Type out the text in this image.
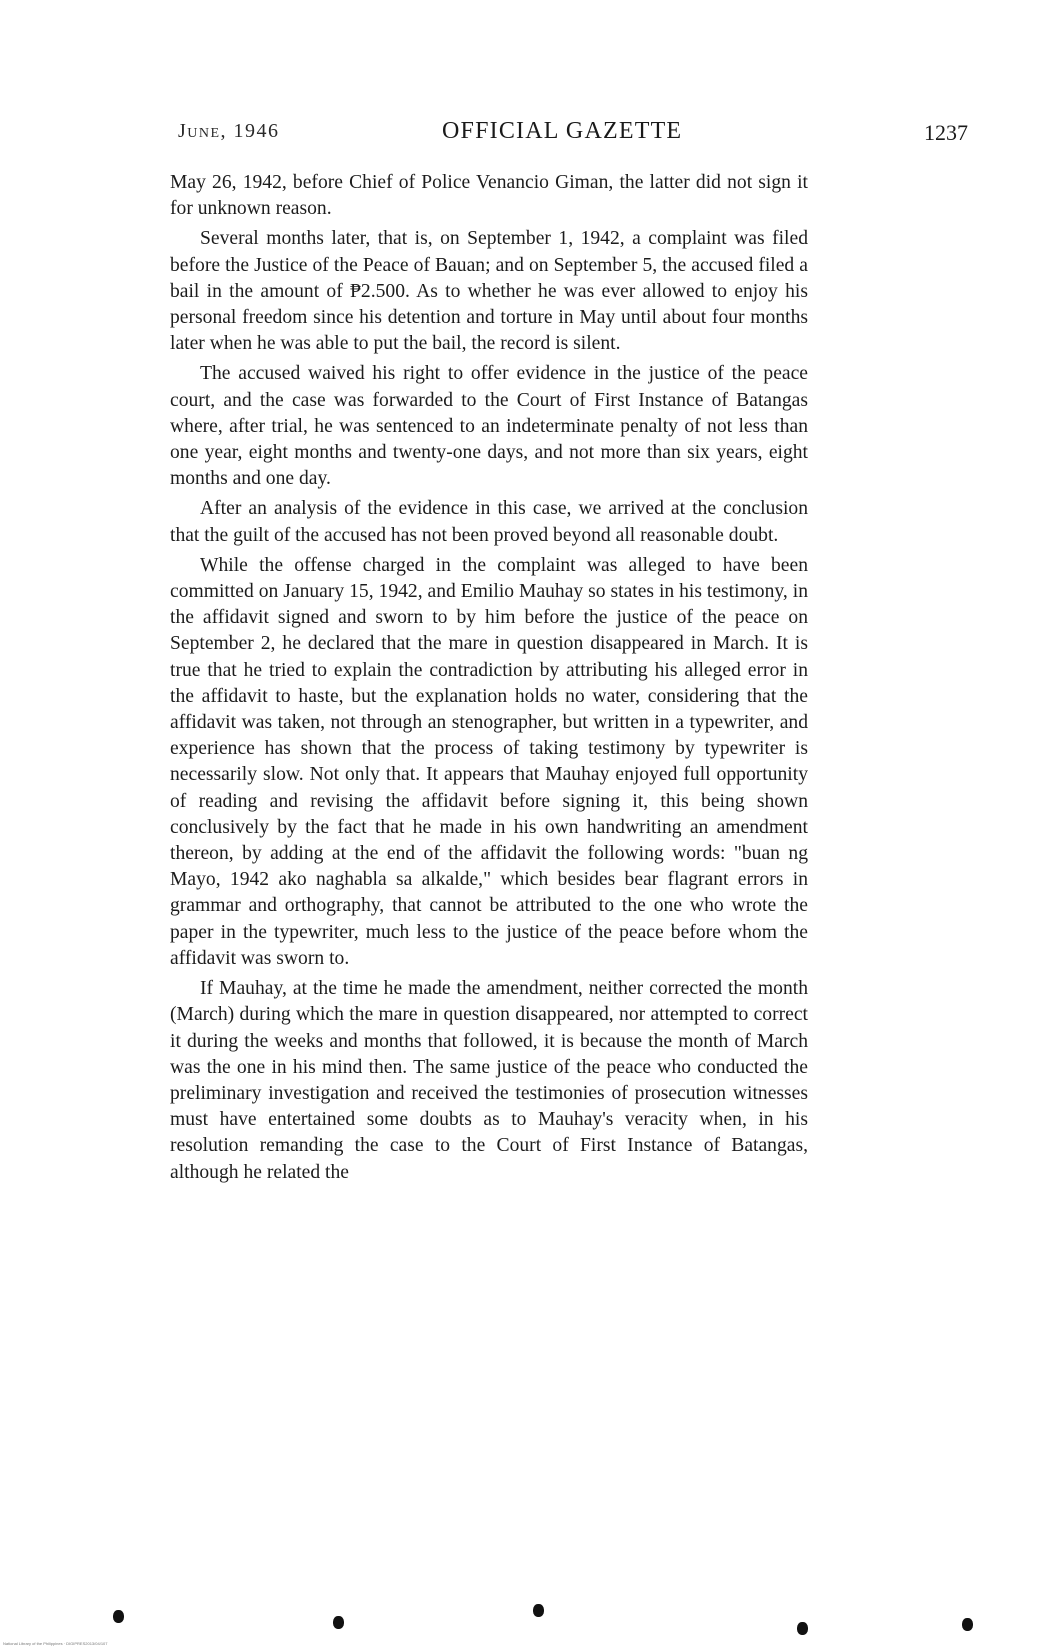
June, 1946	OFFICIAL GAZETTE	1237

May 26, 1942, before Chief of Police Venancio Giman, the latter did not sign it for unknown reason.

Several months later, that is, on September 1, 1942, a complaint was filed before the Justice of the Peace of Bauan; and on September 5, the accused filed a bail in the amount of ₱2.500. As to whether he was ever allowed to enjoy his personal freedom since his detention and torture in May until about four months later when he was able to put the bail, the record is silent.

The accused waived his right to offer evidence in the justice of the peace court, and the case was forwarded to the Court of First Instance of Batangas where, after trial, he was sentenced to an indeterminate penalty of not less than one year, eight months and twenty-one days, and not more than six years, eight months and one day.

After an analysis of the evidence in this case, we arrived at the conclusion that the guilt of the accused has not been proved beyond all reasonable doubt.

While the offense charged in the complaint was alleged to have been committed on January 15, 1942, and Emilio Mauhay so states in his testimony, in the affidavit signed and sworn to by him before the justice of the peace on September 2, he declared that the mare in question disappeared in March. It is true that he tried to explain the contradiction by attributing his alleged error in the affidavit to haste, but the explanation holds no water, considering that the affidavit was taken, not through an stenographer, but written in a typewriter, and experience has shown that the process of taking testimony by typewriter is necessarily slow. Not only that. It appears that Mauhay enjoyed full opportunity of reading and revising the affidavit before signing it, this being shown conclusively by the fact that he made in his own handwriting an amendment thereon, by adding at the end of the affidavit the following words: "buan ng Mayo, 1942 ako naghabla sa alkalde," which besides bear flagrant errors in grammar and orthography, that cannot be attributed to the one who wrote the paper in the typewriter, much less to the justice of the peace before whom the affidavit was sworn to.

If Mauhay, at the time he made the amendment, neither corrected the month (March) during which the mare in question disappeared, nor attempted to correct it during the weeks and months that followed, it is because the month of March was the one in his mind then. The same justice of the peace who conducted the preliminary investigation and received the testimonies of prosecution witnesses must have entertained some doubts as to Mauhay's veracity when, in his resolution remanding the case to the Court of First Instance of Batangas, although he related the

National Library of the Philippines · DIGIPRES2013/04/107
